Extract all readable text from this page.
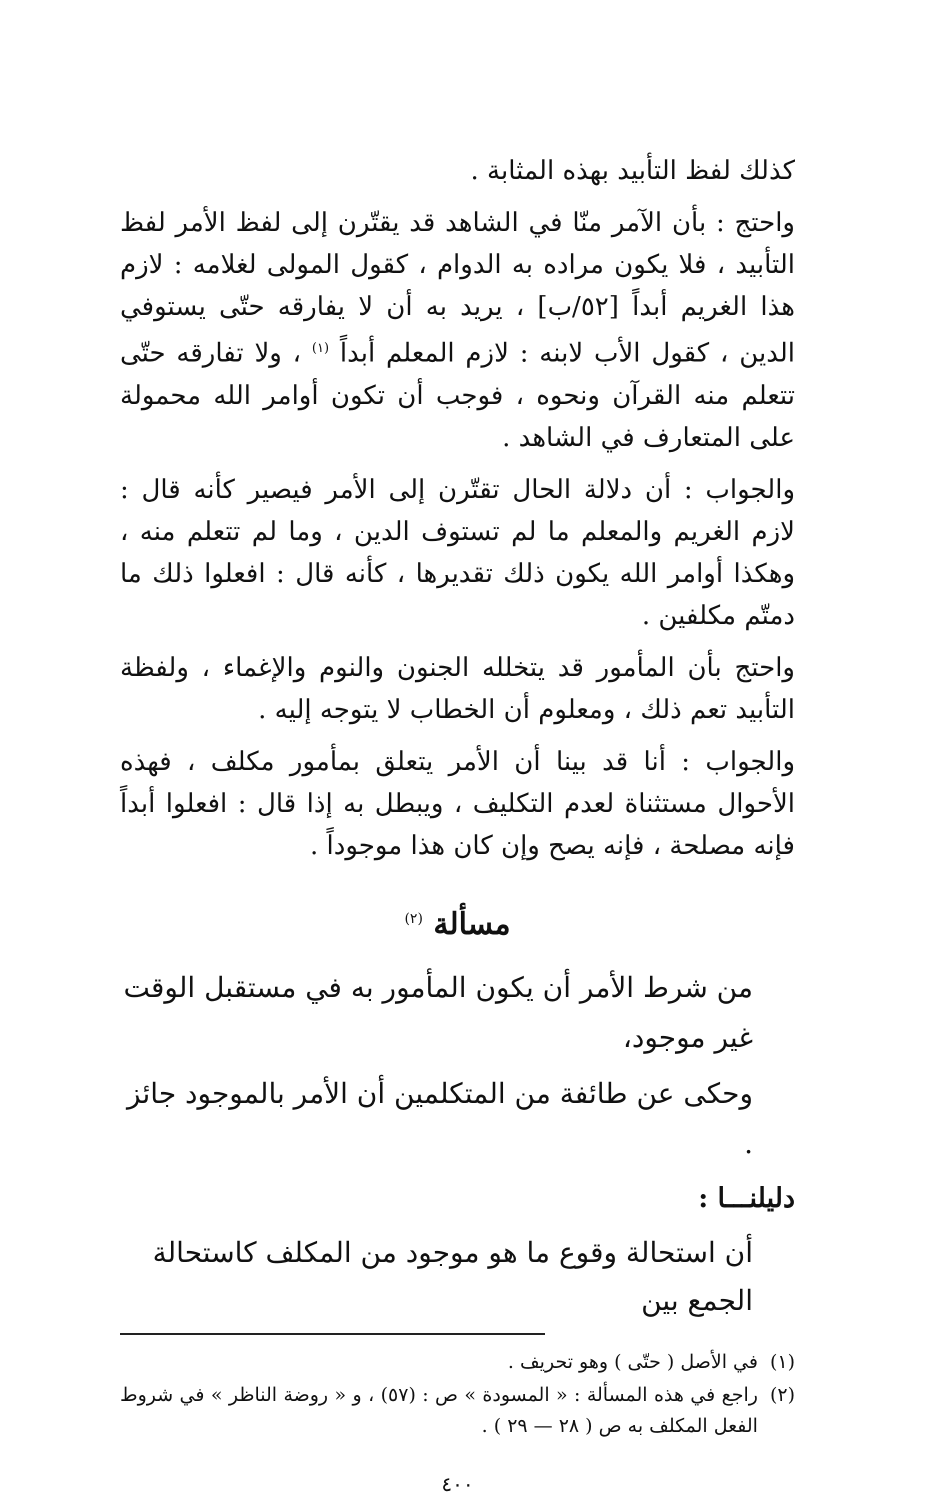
كذلك لفظ التأبيد بهذه المثابة .

واحتج : بأن الآمر منّا في الشاهد قد يقتّرن إلى لفظ الأمر لفظ التأبيد ، فلا يكون مراده به الدوام ، كقول المولى لغلامه : لازم هذا الغريم أبداً [٥٢/ب] ، يريد به أن لا يفارقه حتّى يستوفي الدين ، كقول الأب لابنه : لازم المعلم أبداً $^{(١)}$ ، ولا تفارقه حتّى تتعلم منه القرآن ونحوه ، فوجب أن تكون أوامر الله محمولة على المتعارف في الشاهد .

والجواب : أن دلالة الحال تقتّرن إلى الأمر فيصير كأنه قال : لازم الغريم والمعلم ما لم تستوف الدين ، وما لم تتعلم منه ، وهكذا أوامر الله يكون ذلك تقديرها ، كأنه قال : افعلوا ذلك ما دمتّم مكلفين .

واحتج بأن المأمور قد يتخلله الجنون والنوم والإغماء ، ولفظة التأبيد تعم ذلك ، ومعلوم أن الخطاب لا يتوجه إليه .

والجواب : أنا قد بينا أن الأمر يتعلق بمأمور مكلف ، فهذه الأحوال مستثناة لعدم التكليف ، ويبطل به إذا قال : افعلوا أبداً فإنه مصلحة ، فإنه يصح وإن كان هذا موجوداً .

مسألة $^{(٢)}$

من شرط الأمر أن يكون المأمور به في مستقبل الوقت غير موجود،

وحكى عن طائفة من المتكلمين أن الأمر بالموجود جائز .

دليلنـــا :

أن استحالة وقوع ما هو موجود من المكلف كاستحالة الجمع بين

(١)
في الأصل ( حتّى ) وهو تحريف .
(٢)
راجع في هذه المسألة : « المسودة » ص : (٥٧) ، و « روضة الناظر » في شروط الفعل المكلف به ص ( ٢٨ — ٢٩ ) .
٤٠٠
